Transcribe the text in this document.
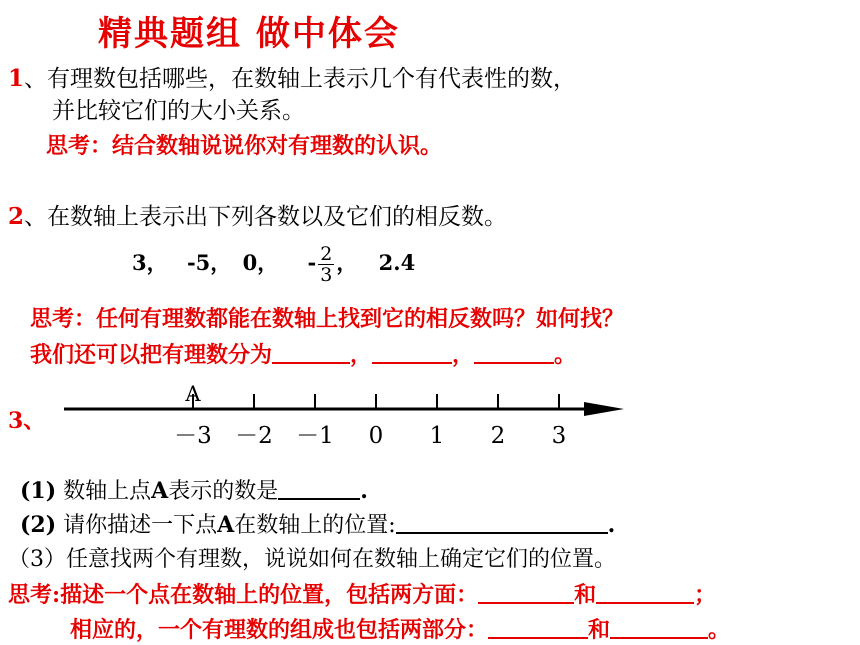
精典题组 做中体会
1、有理数包括哪些，在数轴上表示几个有代表性的数，
并比较它们的大小关系。
思考：结合数轴说说你对有理数的认识。
2、在数轴上表示出下列各数以及它们的相反数。
3， -5， 0， - $\frac{2}{3}$ ， 2.4
思考：任何有理数都能在数轴上找到它的相反数吗？如何找？
我们还可以把有理数分为	，	，	。
3、
－3 －2 －1 0 1 2 3
A
(1) 数轴上点A表示的数是	.
(2) 请你描述一下点A在数轴上的位置:	.
（3）任意找两个有理数，说说如何在数轴上确定它们的位置。
思考:描述一个点在数轴上的位置，包括两方面：	和	；
相应的，一个有理数的组成也包括两部分：	和	。
